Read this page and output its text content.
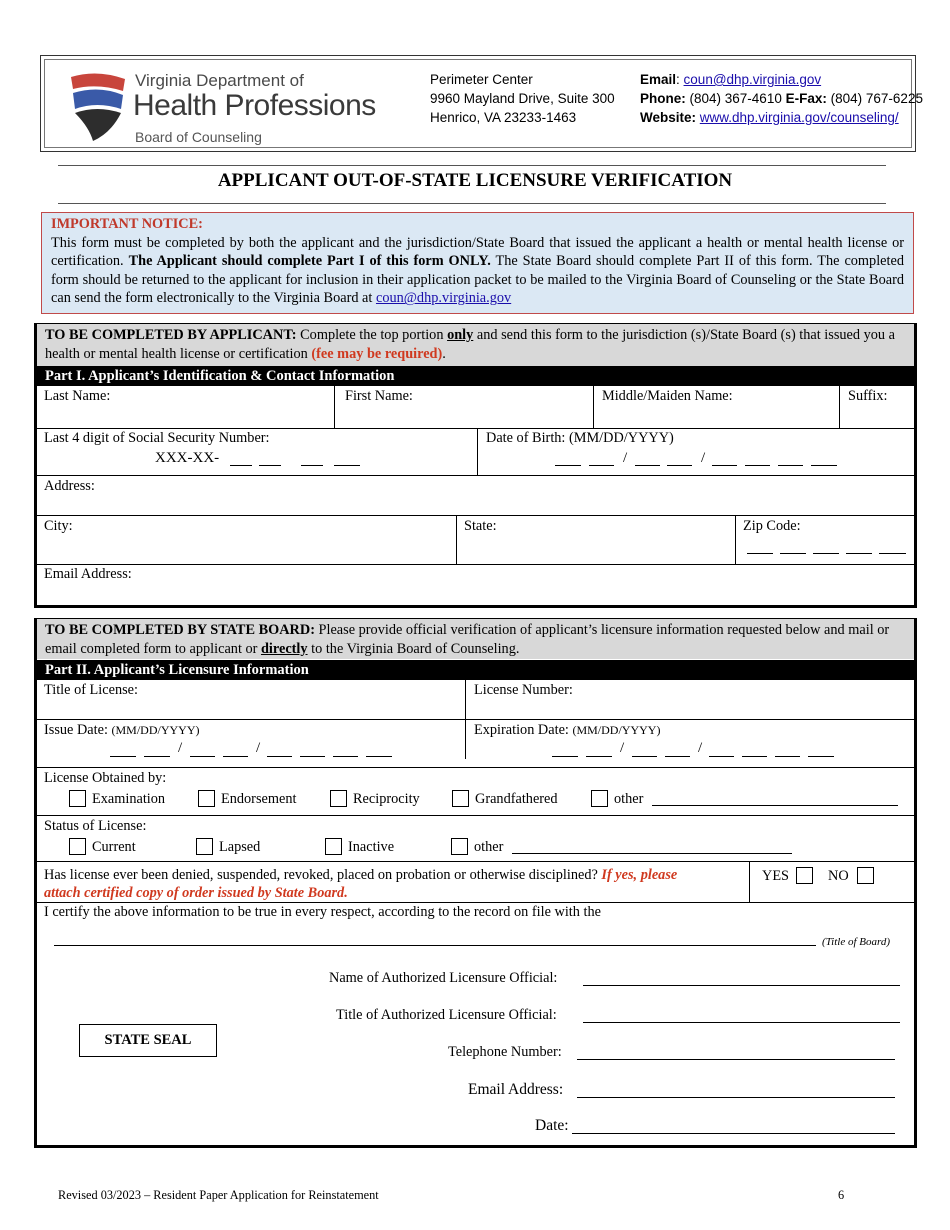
Virginia Department of
Health Professions
Board of Counseling
Perimeter Center
9960 Mayland Drive, Suite 300
Henrico, VA 23233-1463
Email: coun@dhp.virginia.gov
Phone: (804) 367-4610 E-Fax: (804) 767-6225
Website: www.dhp.virginia.gov/counseling/
APPLICANT OUT-OF-STATE LICENSURE VERIFICATION
IMPORTANT NOTICE:
This form must be completed by both the applicant and the jurisdiction/State Board that issued the applicant a health or mental health license or certification. The Applicant should complete Part I of this form ONLY. The State Board should complete Part II of this form. The completed form should be returned to the applicant for inclusion in their application packet to be mailed to the Virginia Board of Counseling or the State Board can send the form electronically to the Virginia Board at coun@dhp.virginia.gov
TO BE COMPLETED BY APPLICANT: Complete the top portion only and send this form to the jurisdiction (s)/State Board (s) that issued you a health or mental health license or certification (fee may be required).
Part I. Applicant’s Identification & Contact Information
Last Name:	First Name:	Middle/Maiden Name:	Suffix:
Last 4 digit of Social Security Number:
XXX-XX-
Date of Birth: (MM/DD/YYYY)
/	/
Address:
City:	State:	Zip Code:
Email Address:
TO BE COMPLETED BY STATE BOARD: Please provide official verification of applicant’s licensure information requested below and mail or email completed form to applicant or directly to the Virginia Board of Counseling.
Part II. Applicant’s Licensure Information
Title of License:	License Number:
Issue Date: (MM/DD/YYYY)
/	/
Expiration Date: (MM/DD/YYYY)
/	/
License Obtained by:
Examination	Endorsement	Reciprocity	Grandfathered	other
Status of License:
Current	Lapsed	Inactive	other
Has license ever been denied, suspended, revoked, placed on probation or otherwise disciplined? If yes, please
attach certified copy of order issued by State Board.
YES	NO
I certify the above information to be true in every respect, according to the record on file with the
(Title of Board)
Name of Authorized Licensure Official:
Title of Authorized Licensure Official:
Telephone Number:
Email Address:
Date:
STATE SEAL
Revised 03/2023 – Resident Paper Application for Reinstatement	6
